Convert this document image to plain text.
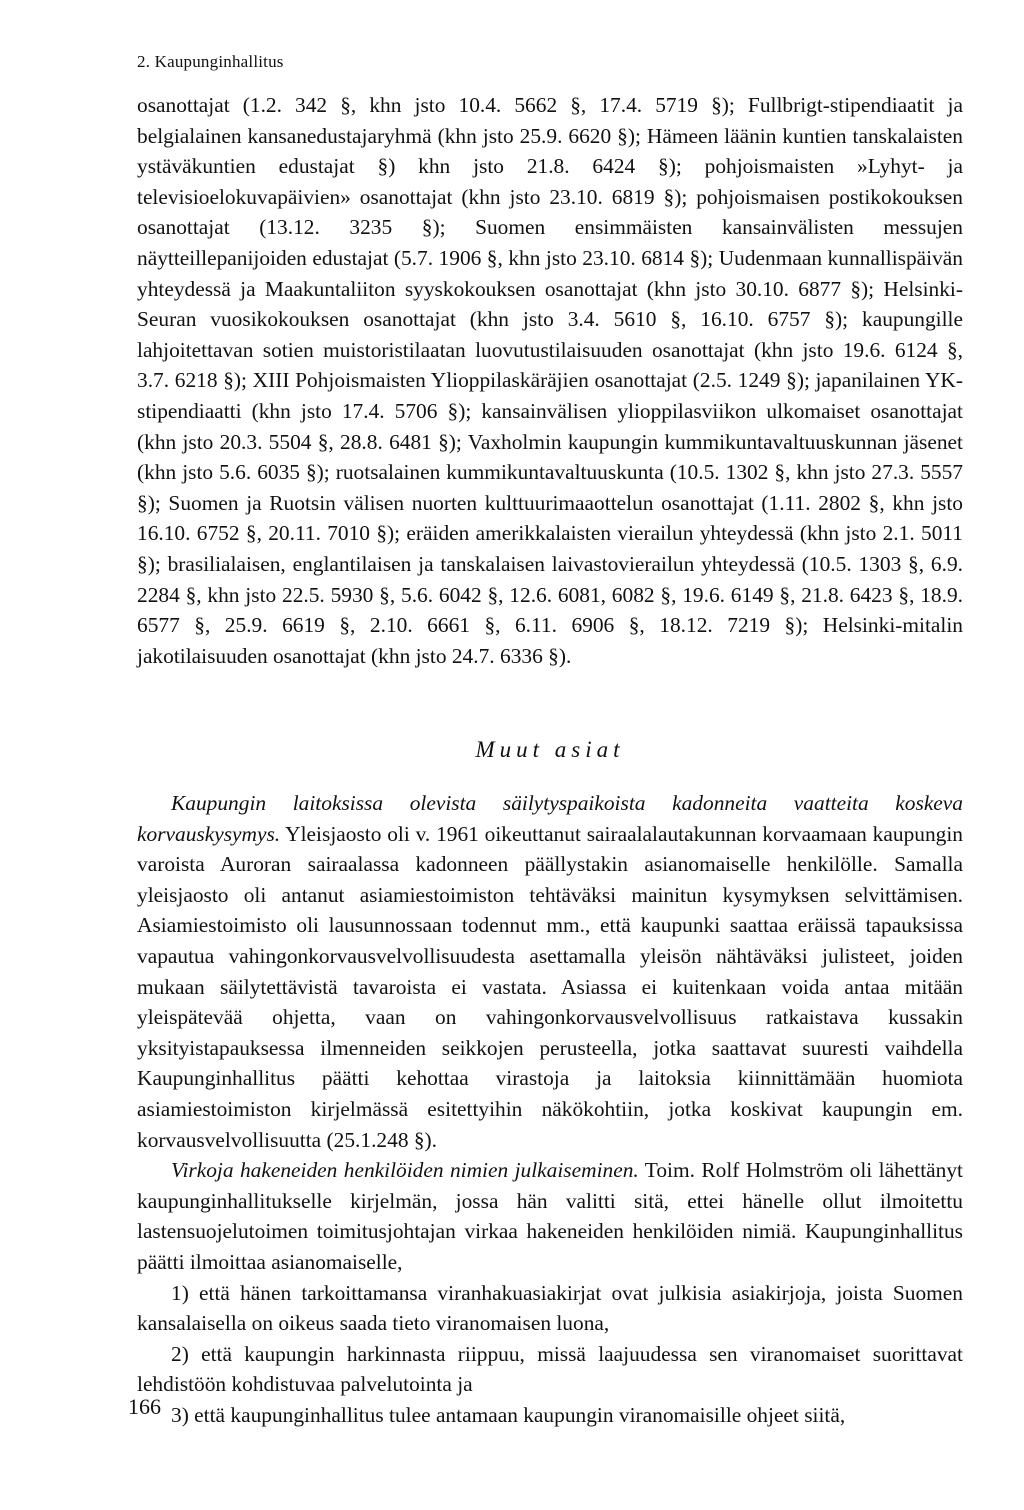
2. Kaupunginhallitus

osanottajat (1.2. 342 §, khn jsto 10.4. 5662 §, 17.4. 5719 §); Fullbrigt-stipendiaatit ja belgialainen kansanedustajaryhmä (khn jsto 25.9. 6620 §); Hämeen läänin kuntien tanskalaisten ystäväkuntien edustajat §) khn jsto 21.8. 6424 §); pohjoismaisten »Lyhyt- ja televisioelokuvapäivien» osanottajat (khn jsto 23.10. 6819 §); pohjoismaisen postikokouksen osanottajat (13.12. 3235 §); Suomen ensimmäisten kansainvälisten messujen näytteillepanijoiden edustajat (5.7. 1906 §, khn jsto 23.10. 6814 §); Uudenmaan kunnallispäivän yhteydessä ja Maakuntaliiton syyskokouksen osanottajat (khn jsto 30.10. 6877 §); Helsinki-Seuran vuosikokouksen osanottajat (khn jsto 3.4. 5610 §, 16.10. 6757 §); kaupungille lahjoitettavan sotien muistoristilaatan luovutustilaisuuden osanottajat (khn jsto 19.6. 6124 §, 3.7. 6218 §); XIII Pohjoismaisten Ylioppilaskäräjien osanottajat (2.5. 1249 §); japanilainen YK-stipendiaatti (khn jsto 17.4. 5706 §); kansainvälisen ylioppilasviikon ulkomaiset osanottajat (khn jsto 20.3. 5504 §, 28.8. 6481 §); Vaxholmin kaupungin kummikuntavaltuuskunnan jäsenet (khn jsto 5.6. 6035 §); ruotsalainen kummikuntavaltuuskunta (10.5. 1302 §, khn jsto 27.3. 5557 §); Suomen ja Ruotsin välisen nuorten kulttuurimaaottelun osanottajat (1.11. 2802 §, khn jsto 16.10. 6752 §, 20.11. 7010 §); eräiden amerikkalaisten vierailun yhteydessä (khn jsto 2.1. 5011 §); brasilialaisen, englantilaisen ja tanskalaisen laivastovierailun yhteydessä (10.5. 1303 §, 6.9. 2284 §, khn jsto 22.5. 5930 §, 5.6. 6042 §, 12.6. 6081, 6082 §, 19.6. 6149 §, 21.8. 6423 §, 18.9. 6577 §, 25.9. 6619 §, 2.10. 6661 §, 6.11. 6906 §, 18.12. 7219 §); Helsinki-mitalin jakotilaisuuden osanottajat (khn jsto 24.7. 6336 §).

Muut asiat

Kaupungin laitoksissa olevista säilytyspaikoista kadonneita vaatteita koskeva korvauskysymys. Yleisjaosto oli v. 1961 oikeuttanut sairaalalautakunnan korvaamaan kaupungin varoista Auroran sairaalassa kadonneen päällystakin asianomaiselle henkilölle. Samalla yleisjaosto oli antanut asiamiestoimiston tehtäväksi mainitun kysymyksen selvittämisen. Asiamiestoimisto oli lausunnossaan todennut mm., että kaupunki saattaa eräissä tapauksissa vapautua vahingonkorvausvelvollisuudesta asettamalla yleisön nähtäväksi julisteet, joiden mukaan säilytettävistä tavaroista ei vastata. Asiassa ei kuitenkaan voida antaa mitään yleispätevää ohjetta, vaan on vahingonkorvausvelvollisuus ratkaistava kussakin yksityistapauksessa ilmenneiden seikkojen perusteella, jotka saattavat suuresti vaihdella Kaupunginhallitus päätti kehottaa virastoja ja laitoksia kiinnittämään huomiota asiamiestoimiston kirjelmässä esitettyihin näkökohtiin, jotka koskivat kaupungin em. korvausvelvollisuutta (25.1.248 §).

Virkoja hakeneiden henkilöiden nimien julkaiseminen. Toim. Rolf Holmström oli lähettänyt kaupunginhallitukselle kirjelmän, jossa hän valitti sitä, ettei hänelle ollut ilmoitettu lastensuojelutoimen toimitusjohtajan virkaa hakeneiden henkilöiden nimiä. Kaupunginhallitus päätti ilmoittaa asianomaiselle,

1) että hänen tarkoittamansa viranhakuasiakirjat ovat julkisia asiakirjoja, joista Suomen kansalaisella on oikeus saada tieto viranomaisen luona,

2) että kaupungin harkinnasta riippuu, missä laajuudessa sen viranomaiset suorittavat lehdistöön kohdistuvaa palvelutointa ja

3) että kaupunginhallitus tulee antamaan kaupungin viranomaisille ohjeet siitä,

166
